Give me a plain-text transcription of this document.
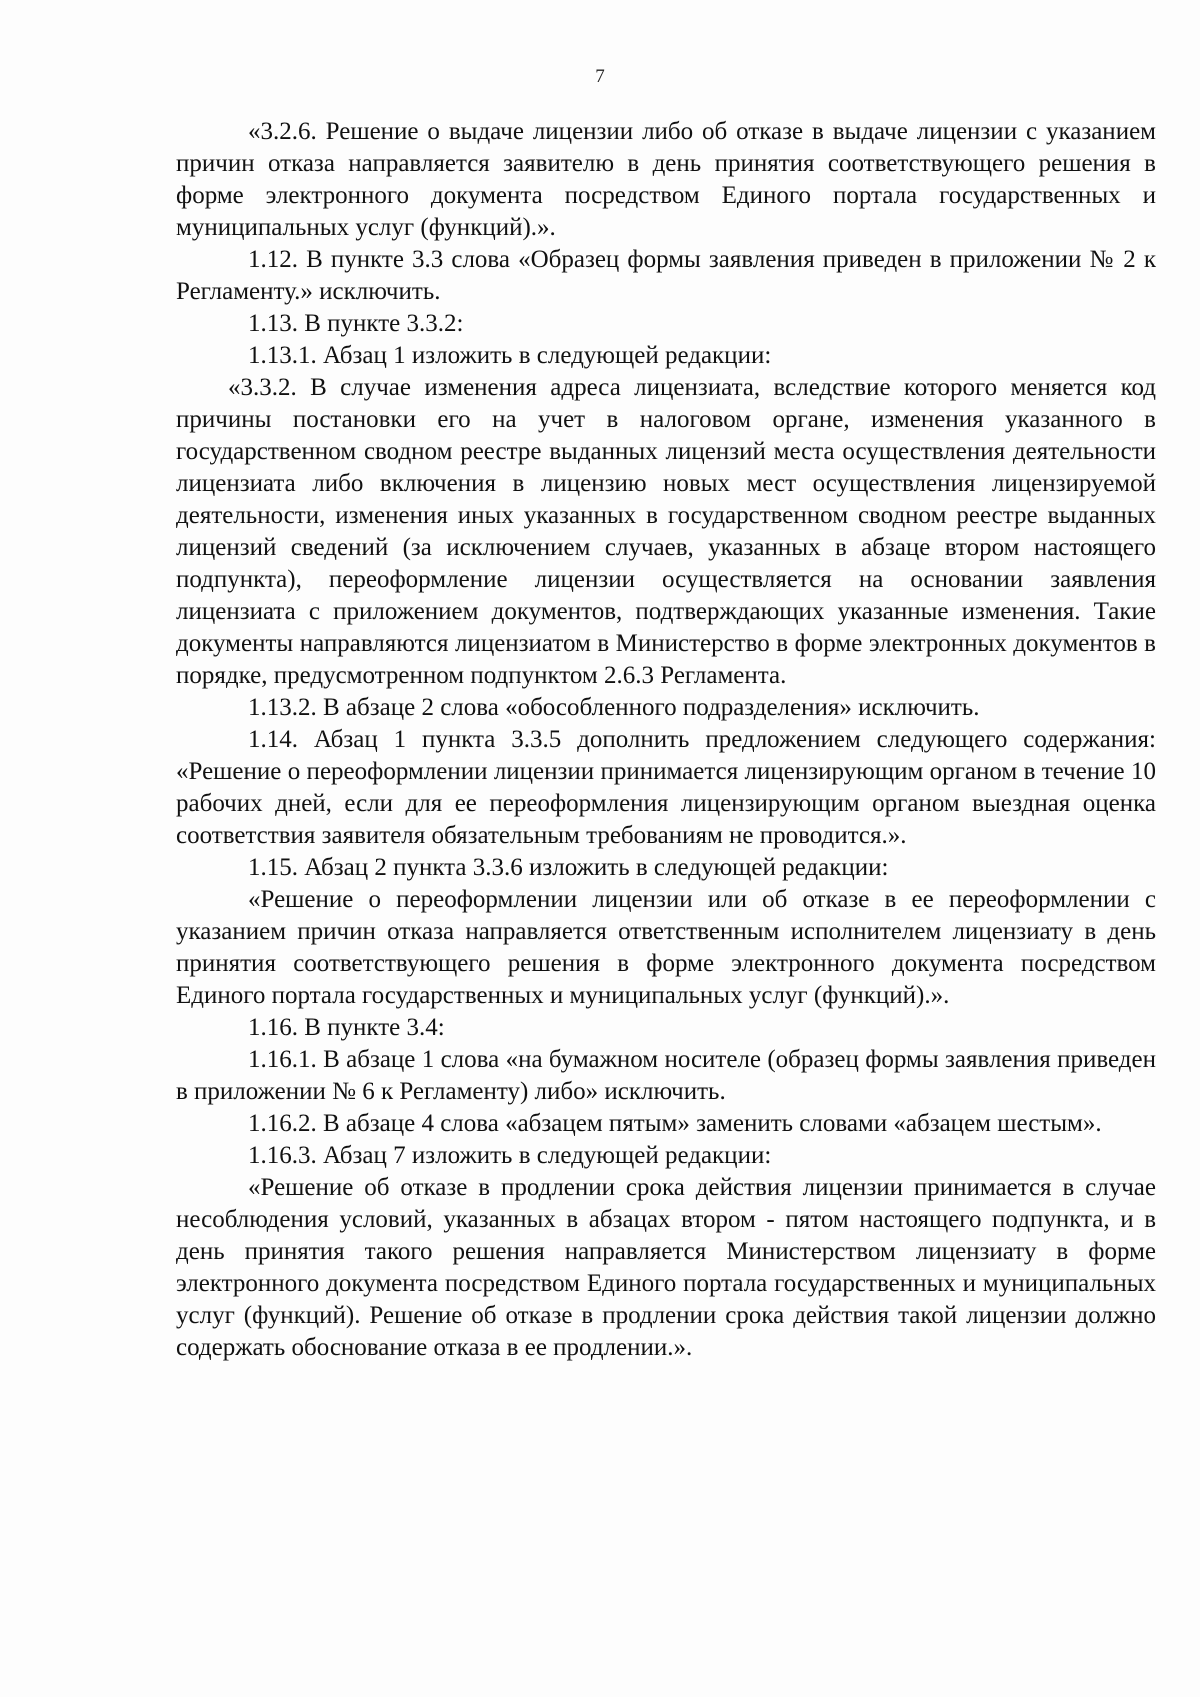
7

«3.2.6. Решение о выдаче лицензии либо об отказе в выдаче лицензии с указанием причин отказа направляется заявителю в день принятия соответствующего решения в форме электронного документа посредством Единого портала государственных и муниципальных услуг (функций).».

1.12. В пункте 3.3 слова «Образец формы заявления приведен в приложении № 2 к Регламенту.» исключить.

1.13. В пункте 3.3.2:

1.13.1. Абзац 1 изложить в следующей редакции:

«3.3.2. В случае изменения адреса лицензиата, вследствие которого меняется код причины постановки его на учет в налоговом органе, изменения указанного в государственном сводном реестре выданных лицензий места осуществления деятельности лицензиата либо включения в лицензию новых мест осуществления лицензируемой деятельности, изменения иных указанных в государственном сводном реестре выданных лицензий сведений (за исключением случаев, указанных в абзаце втором настоящего подпункта), переоформление лицензии осуществляется на основании заявления лицензиата с приложением документов, подтверждающих указанные изменения. Такие документы направляются лицензиатом в Министерство в форме электронных документов в порядке, предусмотренном подпунктом 2.6.3 Регламента.

1.13.2. В абзаце 2 слова «обособленного подразделения» исключить.

1.14. Абзац 1 пункта 3.3.5 дополнить предложением следующего содержания: «Решение о переоформлении лицензии принимается лицензирующим органом в течение 10 рабочих дней, если для ее переоформления лицензирующим органом выездная оценка соответствия заявителя обязательным требованиям не проводится.».

1.15. Абзац 2 пункта 3.3.6 изложить в следующей редакции:

«Решение о переоформлении лицензии или об отказе в ее переоформлении с указанием причин отказа направляется ответственным исполнителем лицензиату в день принятия соответствующего решения в форме электронного документа посредством Единого портала государственных и муниципальных услуг (функций).».

1.16. В пункте 3.4:

1.16.1. В абзаце 1 слова «на бумажном носителе (образец формы заявления приведен в приложении № 6 к Регламенту) либо» исключить.

1.16.2. В абзаце 4 слова «абзацем пятым» заменить словами «абзацем шестым».

1.16.3. Абзац 7 изложить в следующей редакции:

«Решение об отказе в продлении срока действия лицензии принимается в случае несоблюдения условий, указанных в абзацах втором - пятом настоящего подпункта, и в день принятия такого решения направляется Министерством лицензиату в форме электронного документа посредством Единого портала государственных и муниципальных услуг (функций). Решение об отказе в продлении срока действия такой лицензии должно содержать обоснование отказа в ее продлении.».
